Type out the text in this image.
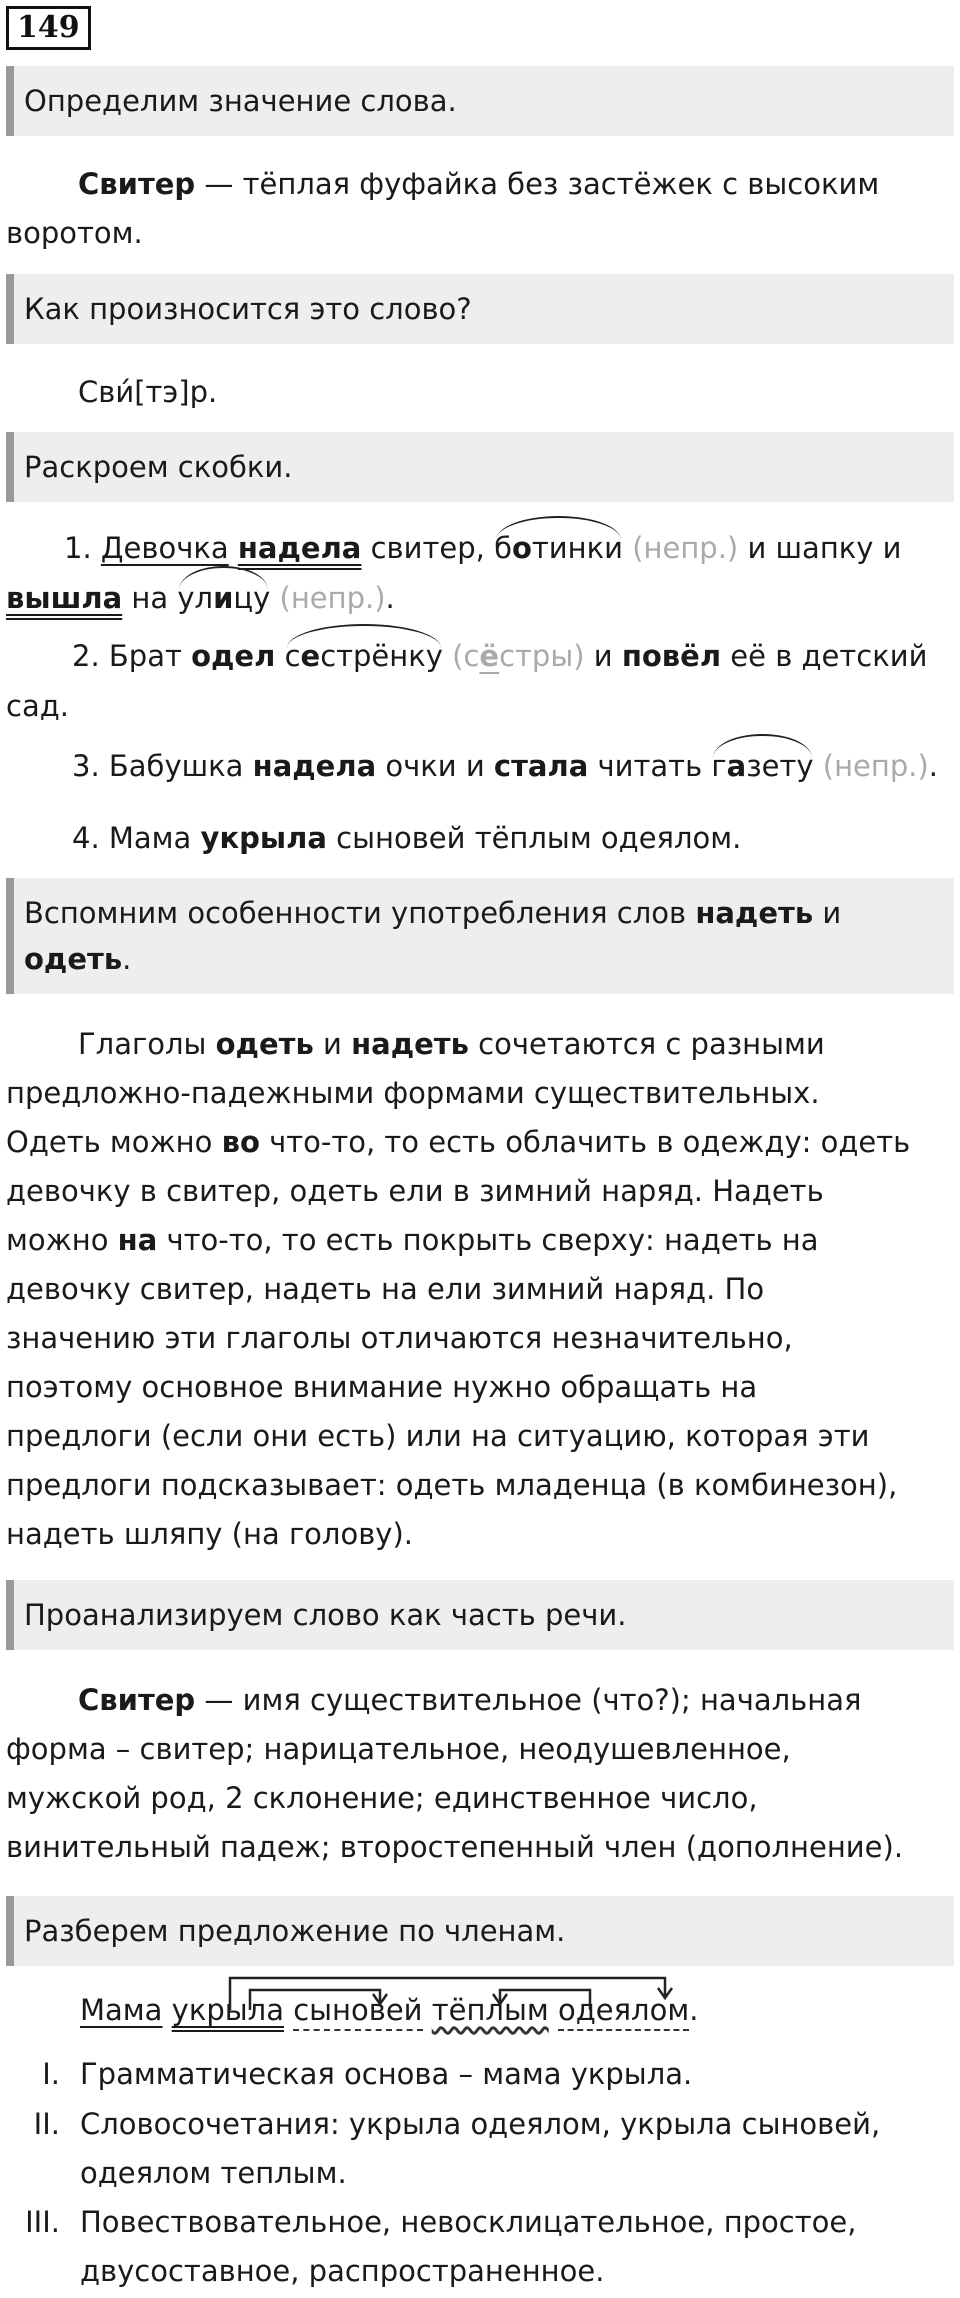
149
Определим значение слова.
Свитер — тёплая фуфайка без застёжек с высоким воротом.
Как произносится это слово?
Сви́[тэ]р.
Раскроем скобки.
1. Девочка надела свитер, ботинки (непр.) и шапку и
вышла на улицу (непр.).
2. Брат одел сестрёнку (сёстры) и повёл её в детский
сад.
3. Бабушка надела очки и стала читать газету (непр.).
4. Мама укрыла сыновей тёплым одеялом.
Вспомним особенности употребления слов надеть и одеть.
Глаголы одеть и надеть сочетаются с разными
предложно-падежными формами существительных.
Одеть можно во что-то, то есть облачить в одежду: одеть
девочку в свитер, одеть ели в зимний наряд. Надеть
можно на что-то, то есть покрыть сверху: надеть на
девочку свитер, надеть на ели зимний наряд. По
значению эти глаголы отличаются незначительно,
поэтому основное внимание нужно обращать на
предлоги (если они есть) или на ситуацию, которая эти
предлоги подсказывает: одеть младенца (в комбинезон),
надеть шляпу (на голову).
Проанализируем слово как часть речи.
Свитер — имя существительное (что?); начальная
форма – свитер; нарицательное, неодушевленное,
мужской род, 2 склонение; единственное число,
винительный падеж; второстепенный член (дополнение).
Разберем предложение по членам.
Мама укрыла сыновей тёплым одеялом.
I. Грамматическая основа – мама укрыла.
II. Словосочетания: укрыла одеялом, укрыла сыновей,
одеялом теплым.
III. Повествовательное, невосклицательное, простое,
двусоставное, распространенное.
